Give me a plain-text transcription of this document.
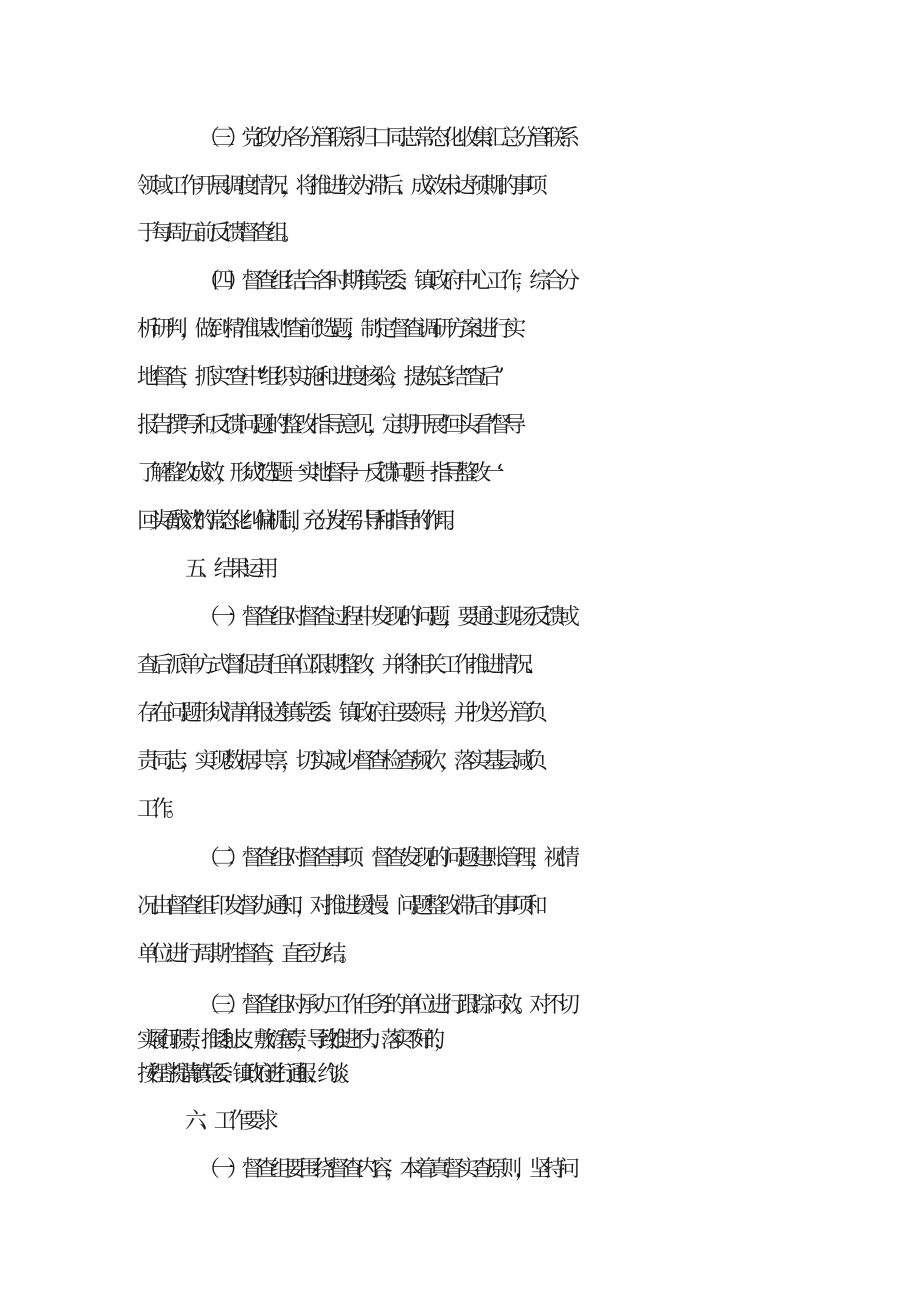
（三）党政办各分管联系归口同志常态化收集汇总分管联系
领域工作开展调度情况，将推进较为滞后、成效未达预期的事项
于每周五前反馈督查组。
（四）督查组结合各时期镇党委、镇政府中心工作，综合分
析研判，做到精准谋划“查前”选题，制定督查调研方案进行实
地督查，抓实“查中”组织实施和进度核验，提炼总结“查后”
报告撰写和反馈问题的整改指导意见，定期开展“回头看”督导
了解整改成效，形成“选题一实地督导一反馈问题一指导整改一‘
回头看'成效”的常态化纠偏机制，充分发挥引导和指导的作用。
五、结果运用
（一）督查组对督查过程中发现的问题，要通过现场反馈或
查后派单方式督促责任单位限期整改，并将相关工作推进情况、
存在问题形成清单报送镇党委、镇政府主要领导，并抄送分管负
责同志，实现数据共享，切实减少督查检查频次，落实基层减负
工作。
（二）督查组对督查事项、督查发现的问题建账管理，视情
况由督查组印发督办通知，对推进缓慢、问题整改滞后的事项和
单位进行周期性督查，直至办结。
（三）督查组对承办工作任务的单位进行跟踪问效。对不切
实履行职责，推诿扯皮、敷衍塞责，导致推进不力、落实不好的，
按程序提请镇党委、镇政府进行通报、约谈。
六、工作要求
（一）督查组要围绕督查内容，本着真督实查原则，坚持问
